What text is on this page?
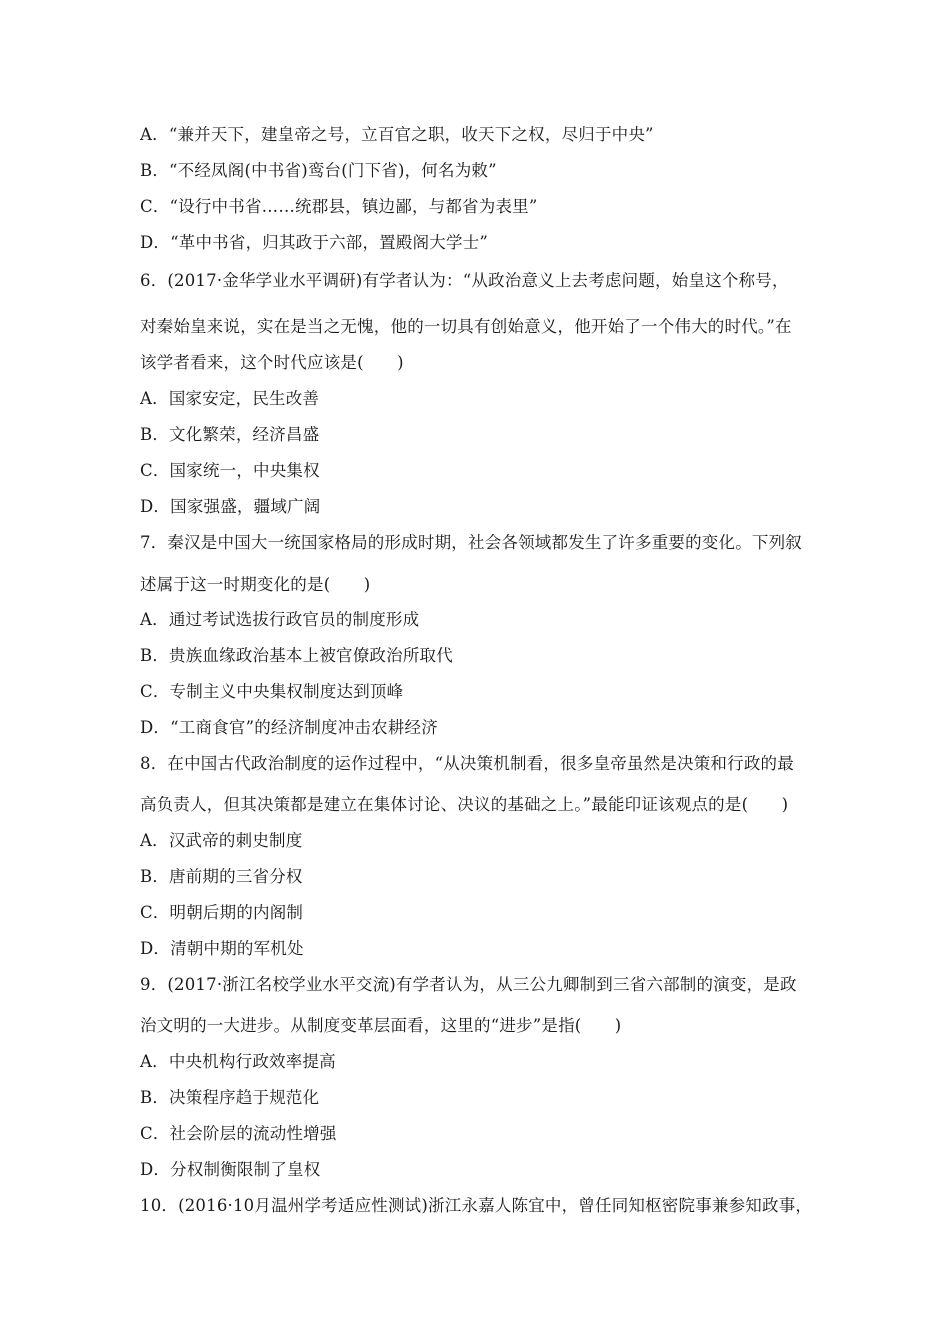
A．“兼并天下，建皇帝之号，立百官之职，收天下之权，尽归于中央”
B．“不经凤阁(中书省)鸾台(门下省)，何名为敕”
C．“设行中书省……统郡县，镇边鄙，与都省为表里”
D．“革中书省，归其政于六部，置殿阁大学士”
6．(2017·金华学业水平调研)有学者认为：“从政治意义上去考虑问题，始皇这个称号，
对秦始皇来说，实在是当之无愧，他的一切具有创始意义，他开始了一个伟大的时代。”在
该学者看来，这个时代应该是(　　)
A．国家安定，民生改善
B．文化繁荣，经济昌盛
C．国家统一，中央集权
D．国家强盛，疆域广阔
7．秦汉是中国大一统国家格局的形成时期，社会各领域都发生了许多重要的变化。下列叙
述属于这一时期变化的是(　　)
A．通过考试选拔行政官员的制度形成
B．贵族血缘政治基本上被官僚政治所取代
C．专制主义中央集权制度达到顶峰
D．“工商食官”的经济制度冲击农耕经济
8．在中国古代政治制度的运作过程中，“从决策机制看，很多皇帝虽然是决策和行政的最
高负责人，但其决策都是建立在集体讨论、决议的基础之上。”最能印证该观点的是(　　)
A．汉武帝的刺史制度
B．唐前期的三省分权
C．明朝后期的内阁制
D．清朝中期的军机处
9．(2017·浙江名校学业水平交流)有学者认为，从三公九卿制到三省六部制的演变，是政
治文明的一大进步。从制度变革层面看，这里的“进步”是指(　　)
A．中央机构行政效率提高
B．决策程序趋于规范化
C．社会阶层的流动性增强
D．分权制衡限制了皇权
10．(2016·10月温州学考适应性测试)浙江永嘉人陈宜中，曾任同知枢密院事兼参知政事，
